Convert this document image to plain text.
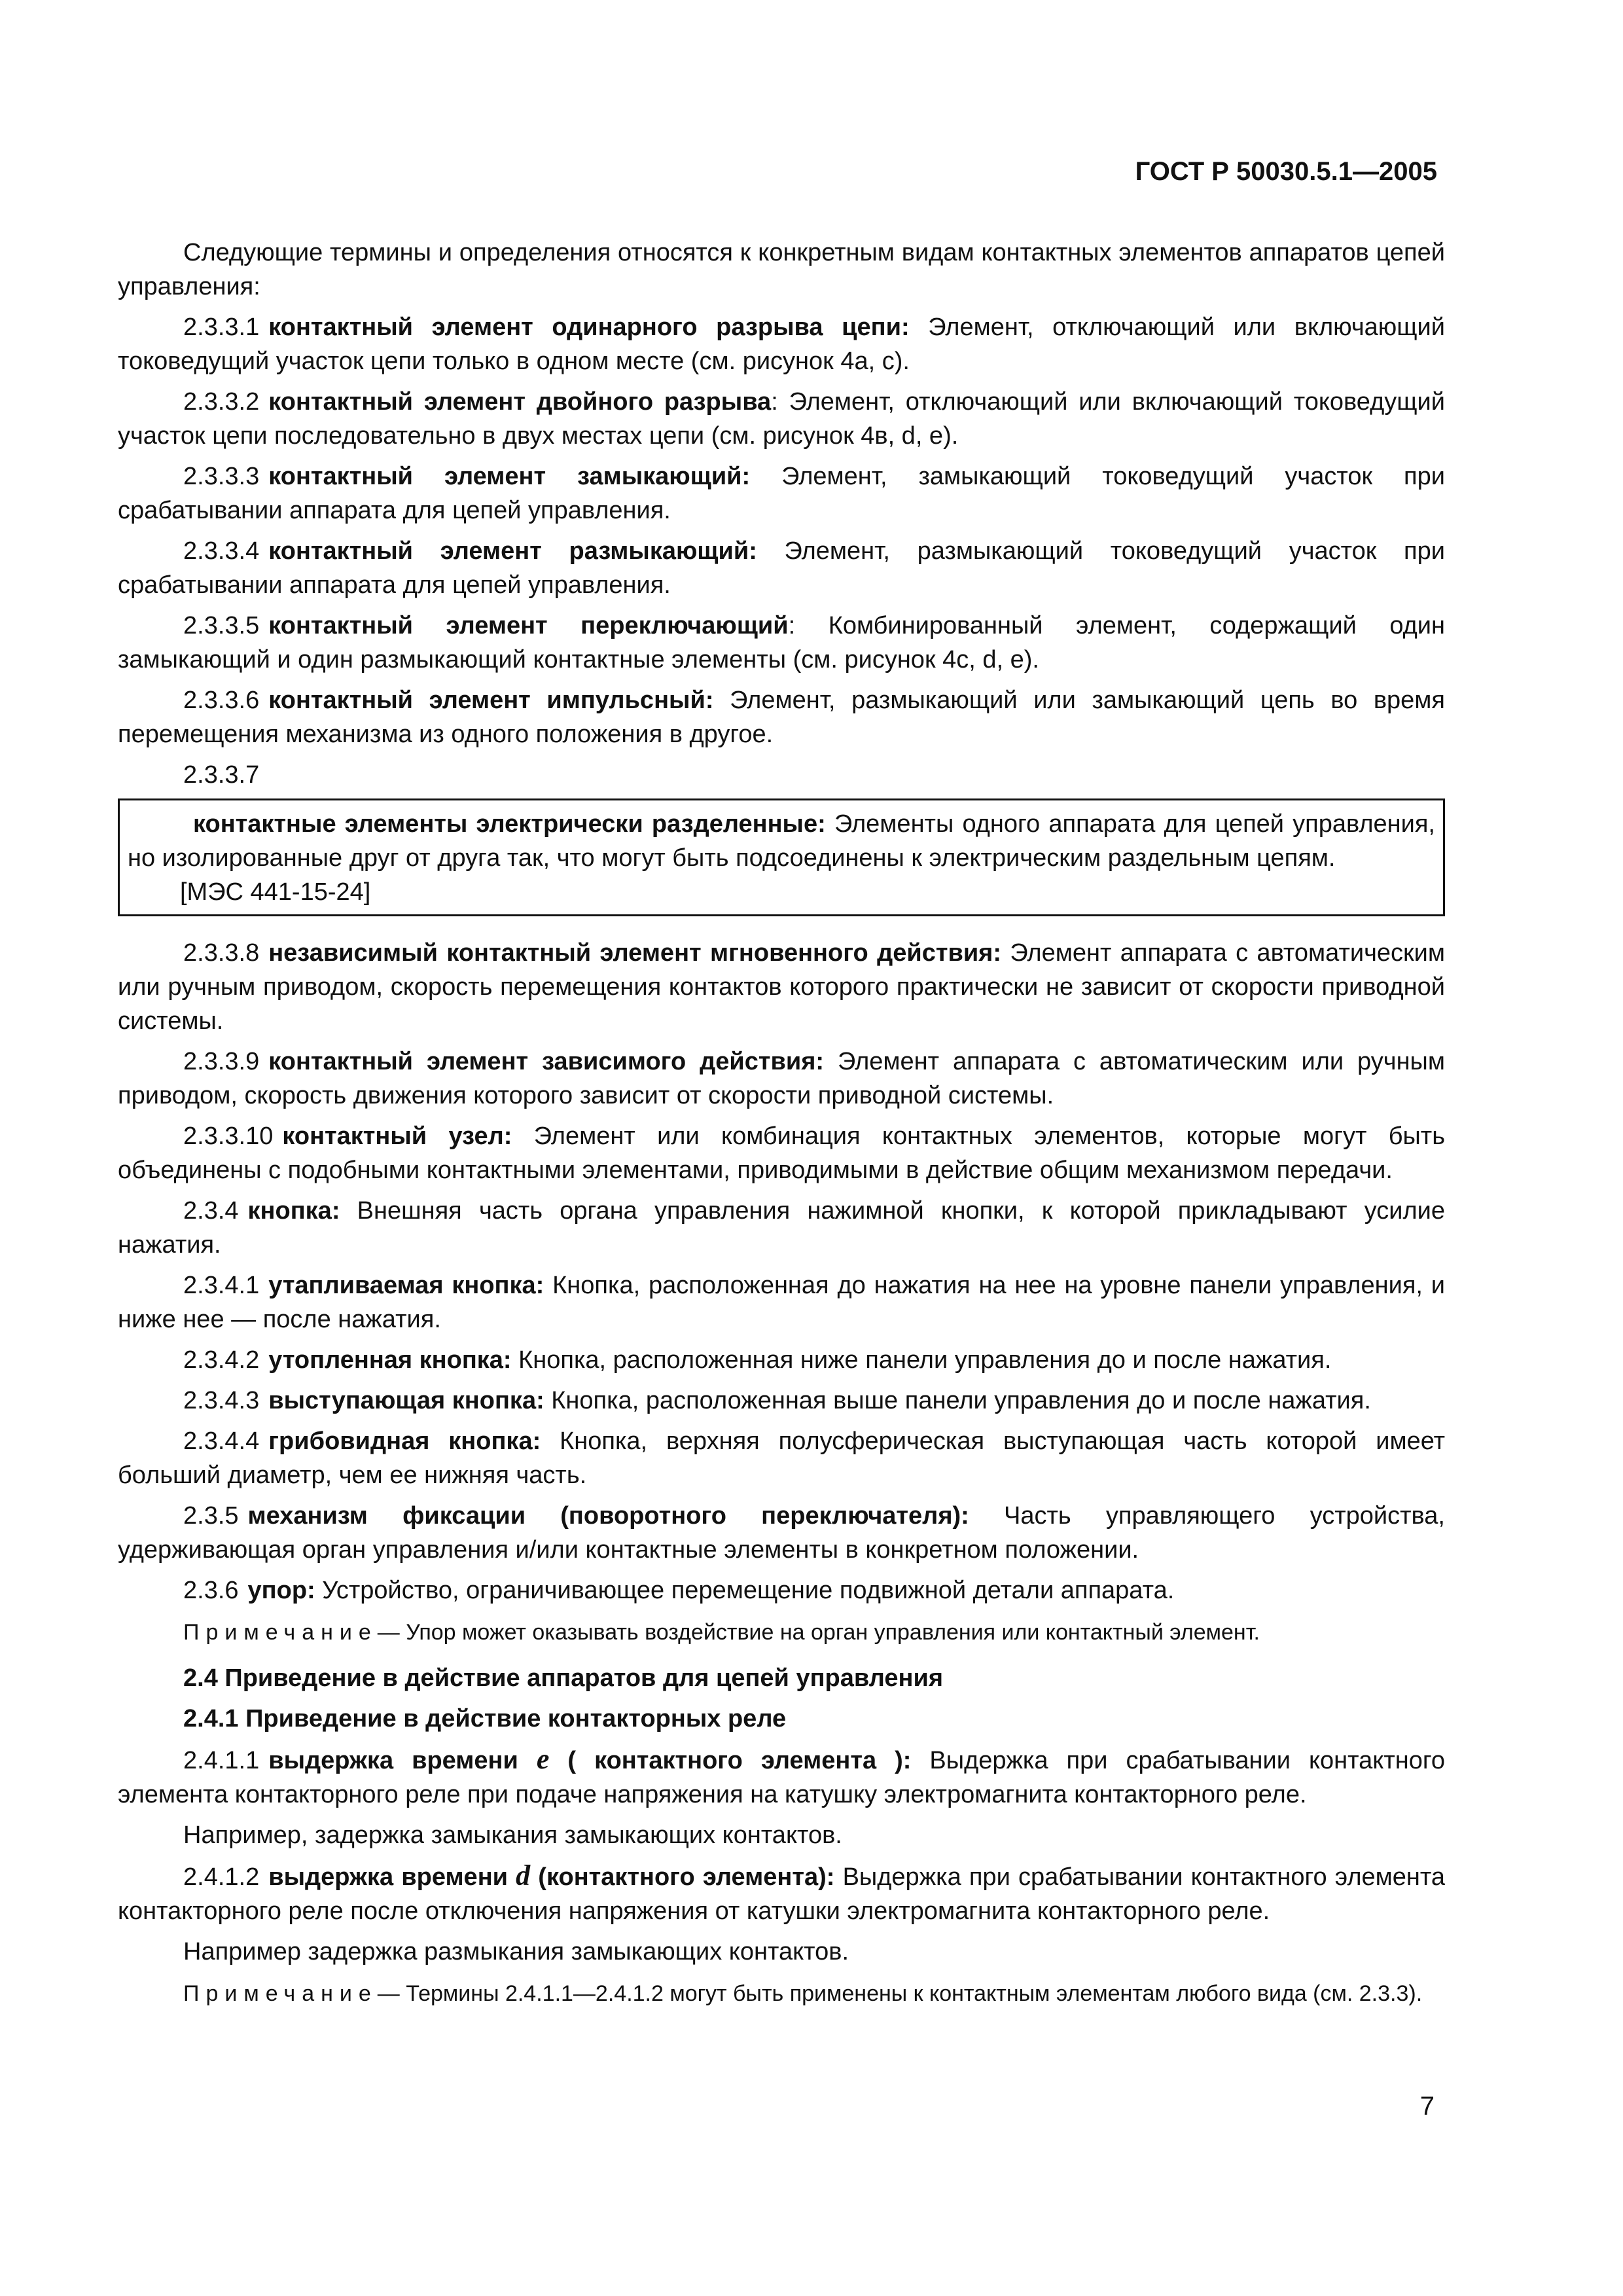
ГОСТ Р 50030.5.1—2005

Следующие термины и определения относятся к конкретным видам контактных элементов аппаратов цепей управления:

2.3.3.1 контактный элемент одинарного разрыва цепи: Элемент, отключающий или включающий токоведущий участок цепи только в одном месте (см. рисунок 4а, с).

2.3.3.2 контактный элемент двойного разрыва: Элемент, отключающий или включающий токоведущий участок цепи последовательно в двух местах цепи (см. рисунок 4в, d, е).

2.3.3.3 контактный элемент замыкающий: Элемент, замыкающий токоведущий участок при срабатывании аппарата для цепей управления.

2.3.3.4 контактный элемент размыкающий: Элемент, размыкающий токоведущий участок при срабатывании аппарата для цепей управления.

2.3.3.5 контактный элемент переключающий: Комбинированный элемент, содержащий один замыкающий и один размыкающий контактные элементы (см. рисунок 4с, d, е).

2.3.3.6 контактный элемент импульсный: Элемент, размыкающий или замыкающий цепь во время перемещения механизма из одного положения в другое.

2.3.3.7

контактные элементы электрически разделенные: Элементы одного аппарата для цепей управления, но изолированные друг от друга так, что могут быть подсоединены к электрическим раздельным цепям.

[МЭС 441-15-24]

2.3.3.8 независимый контактный элемент мгновенного действия: Элемент аппарата с автоматическим или ручным приводом, скорость перемещения контактов которого практически не зависит от скорости приводной системы.

2.3.3.9 контактный элемент зависимого действия: Элемент аппарата с автоматическим или ручным приводом, скорость движения которого зависит от скорости приводной системы.

2.3.3.10 контактный узел: Элемент или комбинация контактных элементов, которые могут быть объединены с подобными контактными элементами, приводимыми в действие общим механизмом передачи.

2.3.4 кнопка: Внешняя часть органа управления нажимной кнопки, к которой прикладывают усилие нажатия.

2.3.4.1 утапливаемая кнопка: Кнопка, расположенная до нажатия на нее на уровне панели управления, и ниже нее — после нажатия.

2.3.4.2 утопленная кнопка: Кнопка, расположенная ниже панели управления до и после нажатия.

2.3.4.3 выступающая кнопка: Кнопка, расположенная выше панели управления до и после нажатия.

2.3.4.4 грибовидная кнопка: Кнопка, верхняя полусферическая выступающая часть которой имеет больший диаметр, чем ее нижняя часть.

2.3.5 механизм фиксации (поворотного переключателя): Часть управляющего устройства, удерживающая орган управления и/или контактные элементы в конкретном положении.

2.3.6 упор: Устройство, ограничивающее перемещение подвижной детали аппарата.

Примечание— Упор может оказывать воздействие на орган управления или контактный элемент.

2.4 Приведение в действие аппаратов для цепей управления

2.4.1 Приведение в действие контакторных реле

2.4.1.1 выдержка времени e ( контактного элемента ): Выдержка при срабатывании контактного элемента контакторного реле при подаче напряжения на катушку электромагнита контакторного реле.

Например, задержка замыкания замыкающих контактов.

2.4.1.2 выдержка времени d (контактного элемента): Выдержка при срабатывании контактного элемента контакторного реле после отключения напряжения от катушки электромагнита контакторного реле.

Например задержка размыкания замыкающих контактов.

Примечание— Термины 2.4.1.1—2.4.1.2 могут быть применены к контактным элементам любого вида (см. 2.3.3).

7
